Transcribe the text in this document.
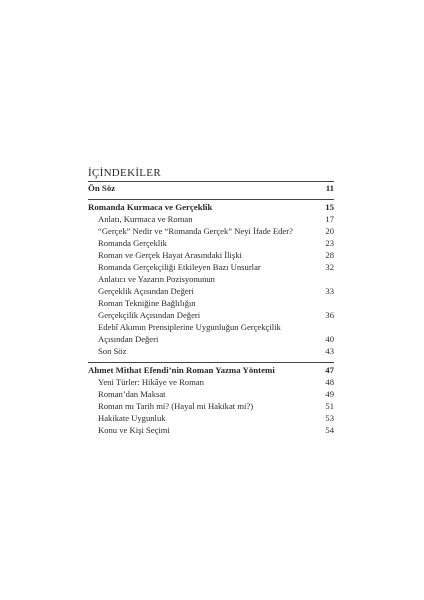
İÇİNDEKİLER
Ön Söz	11
Romanda Kurmaca ve Gerçeklik	15
Anlatı, Kurmaca ve Roman	17
“Gerçek” Nedir ve “Romanda Gerçek” Neyi İfade Eder?	20
Romanda Gerçeklik	23
Roman ve Gerçek Hayat Arasındaki İlişki	28
Romanda Gerçekçiliği Etkileyen Bazı Unsurlar	32
Anlatıcı ve Yazarın Pozisyonunun
Gerçeklik Açısından Değeri	33
Roman Tekniğine Bağlılığın
Gerçekçilik Açısından Değeri	36
Edebî Akımın Prensiplerine Uygunluğun Gerçekçilik
Açısından Değeri	40
Son Söz	43
Ahmet Mithat Efendi’nin Roman Yazma Yöntemi	47
Yeni Türler: Hikâye ve Roman	48
Roman’dan Maksat	49
Roman mı Tarih mi? (Hayal mi Hakikat mi?)	51
Hakikate Uygunluk	53
Konu ve Kişi Seçimi	54
